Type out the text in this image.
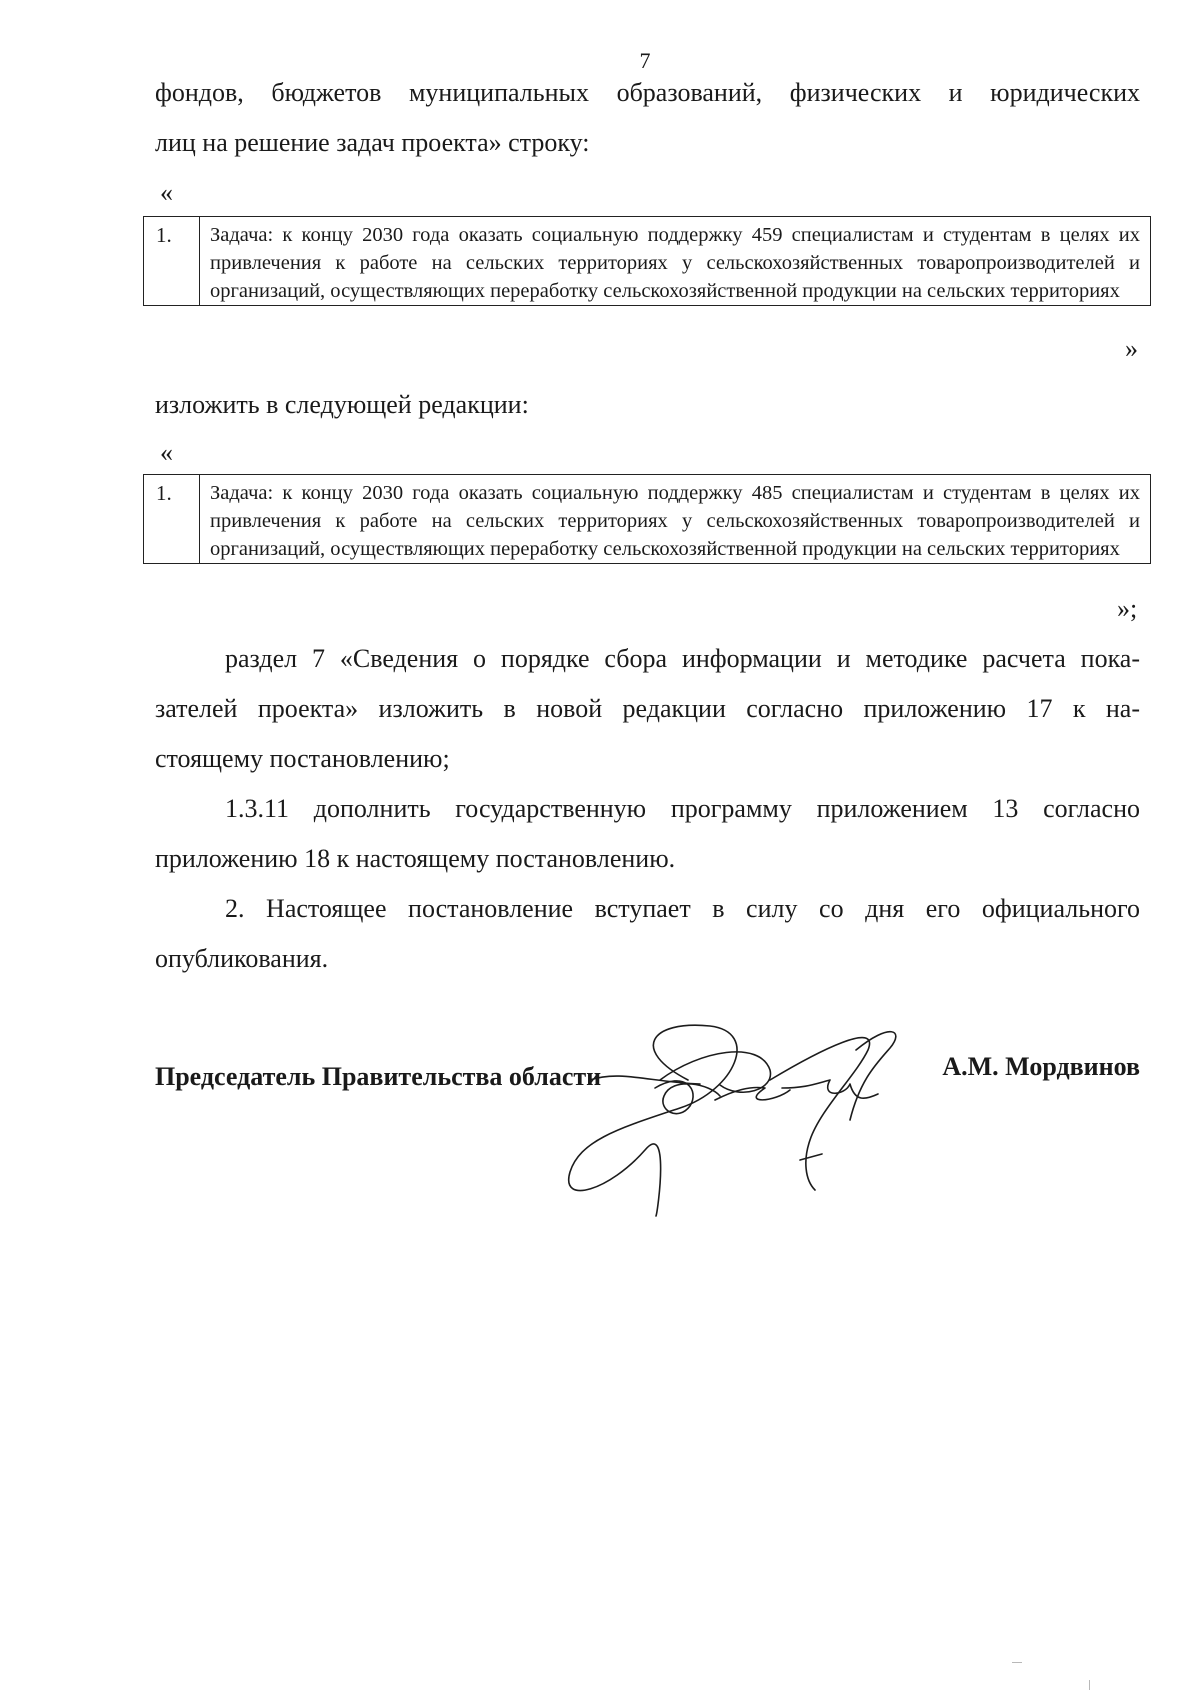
7

фондов, бюджетов муниципальных образований, физических и юридических

лиц на решение задач проекта» строку:

«
1.	Задача: к концу 2030 года оказать социальную поддержку 459 специалистам и студентам в целях их привлечения к работе на сельских территориях у сельскохозяйственных товаропроизводителей и организаций, осуществляющих переработку сельскохозяйственной продукции на сельских территориях
»

изложить в следующей редакции:

«
1.	Задача: к концу 2030 года оказать социальную поддержку 485 специалистам и студентам в целях их привлечения к работе на сельских территориях у сельскохозяйственных товаропроизводителей и организаций, осуществляющих переработку сельскохозяйственной продукции на сельских территориях
»;

раздел 7 «Сведения о порядке сбора информации и методике расчета пока-

зателей проекта» изложить в новой редакции согласно приложению 17 к на-

стоящему постановлению;

1.3.11 дополнить государственную программу приложением 13 согласно

приложению 18 к настоящему постановлению.

2. Настоящее постановление вступает в силу со дня его официального

опубликования.

Председатель Правительства области	А.М. Мордвинов
